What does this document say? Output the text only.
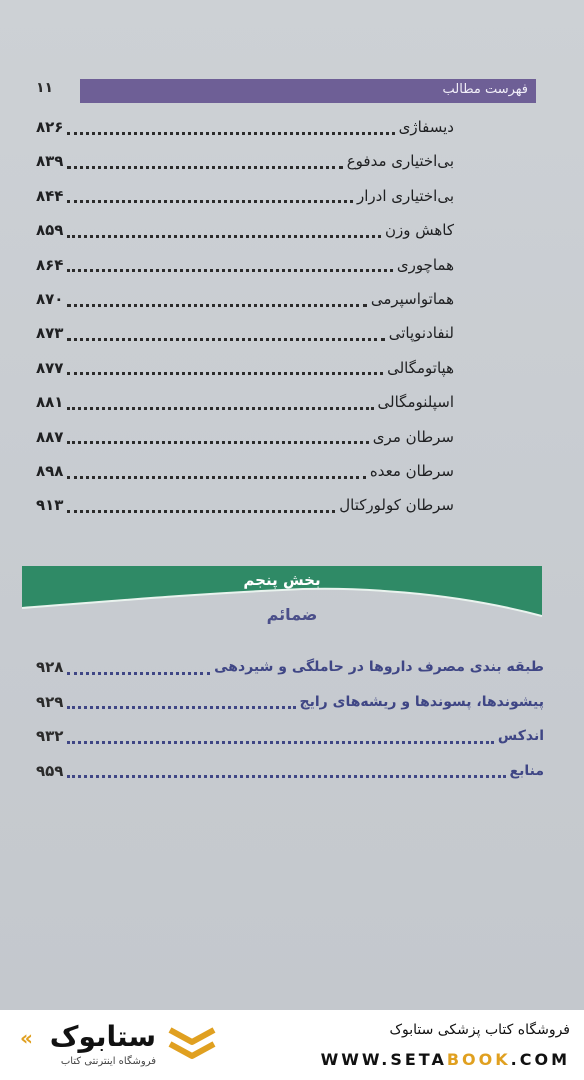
۱۱	فهرست مطالب
دیسفاژی
۸۲۶
بی‌اختیاری مدفوع
۸۳۹
بی‌اختیاری ادرار
۸۴۴
کاهش وزن
۸۵۹
هماچوری
۸۶۴
هماتواسپرمی
۸۷۰
لنفادنوپاتی
۸۷۳
هپاتومگالی
۸۷۷
اسپلنومگالی
۸۸۱
سرطان مری
۸۸۷
سرطان معده
۸۹۸
سرطان کولورکتال
۹۱۳
بخش پنجم
ضمائم
طبقه بندی مصرف داروها در حاملگی و شیردهی
۹۲۸
پیشوندها، پسوندها و ریشه‌های رایج
۹۲۹
اندکس
۹۳۲
منابع
۹۵۹
فروشگاه کتاب پزشکی ستابوک
WWW.SETABOOK.COM
« ستابوک
فروشگاه اینترنتی کتاب
